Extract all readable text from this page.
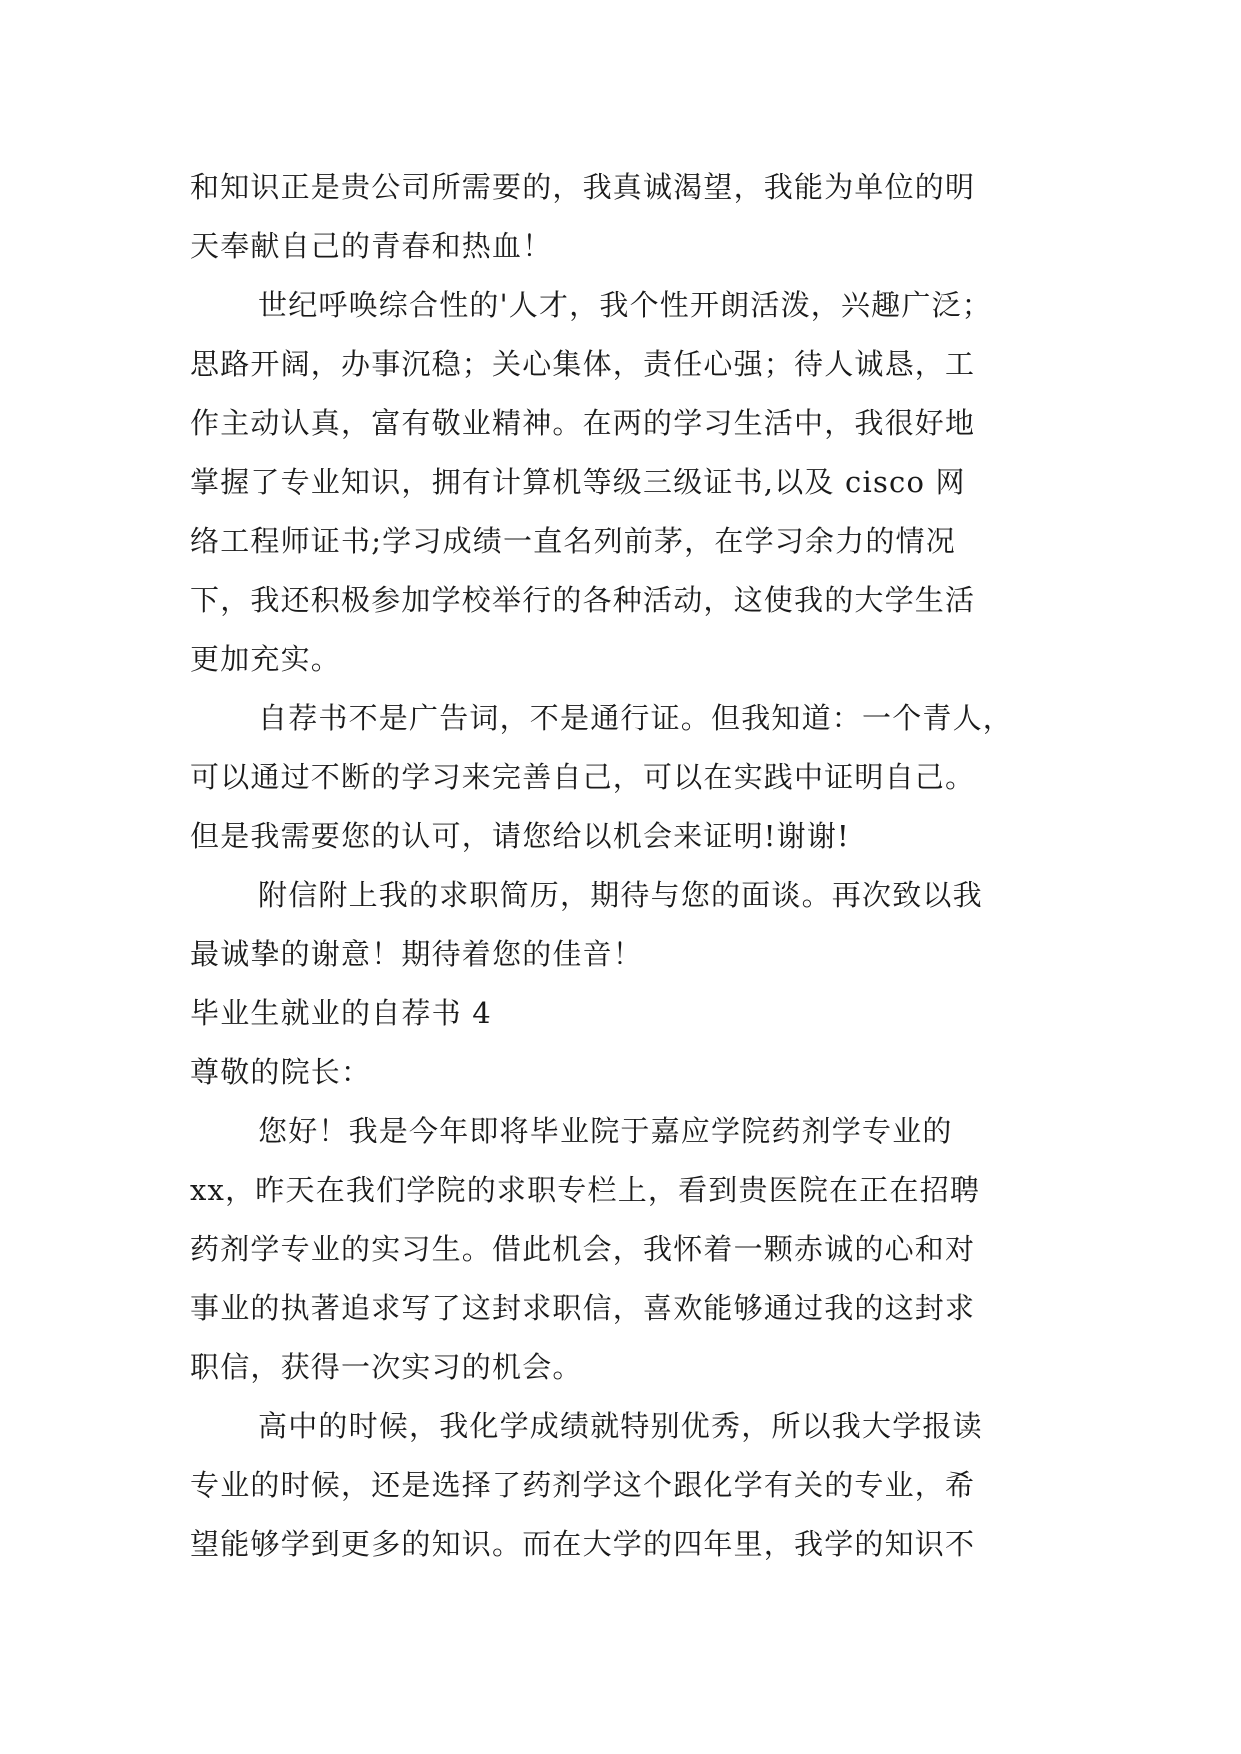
和知识正是贵公司所需要的，我真诚渴望，我能为单位的明
天奉献自己的青春和热血！
世纪呼唤综合性的'人才，我个性开朗活泼，兴趣广泛；
思路开阔，办事沉稳；关心集体，责任心强；待人诚恳，工
作主动认真，富有敬业精神。在两的学习生活中，我很好地
掌握了专业知识，拥有计算机等级三级证书,以及 cisco 网
络工程师证书;学习成绩一直名列前茅，在学习余力的情况
下，我还积极参加学校举行的各种活动，这使我的大学生活
更加充实。
自荐书不是广告词，不是通行证。但我知道：一个青人，
可以通过不断的学习来完善自己，可以在实践中证明自己。
但是我需要您的认可，请您给以机会来证明!谢谢!
附信附上我的求职简历，期待与您的面谈。再次致以我
最诚挚的谢意！期待着您的佳音！
毕业生就业的自荐书 4
尊敬的院长：
您好！我是今年即将毕业院于嘉应学院药剂学专业的
xx，昨天在我们学院的求职专栏上，看到贵医院在正在招聘
药剂学专业的实习生。借此机会，我怀着一颗赤诚的心和对
事业的执著追求写了这封求职信，喜欢能够通过我的这封求
职信，获得一次实习的机会。
高中的时候，我化学成绩就特别优秀，所以我大学报读
专业的时候，还是选择了药剂学这个跟化学有关的专业，希
望能够学到更多的知识。而在大学的四年里，我学的知识不
